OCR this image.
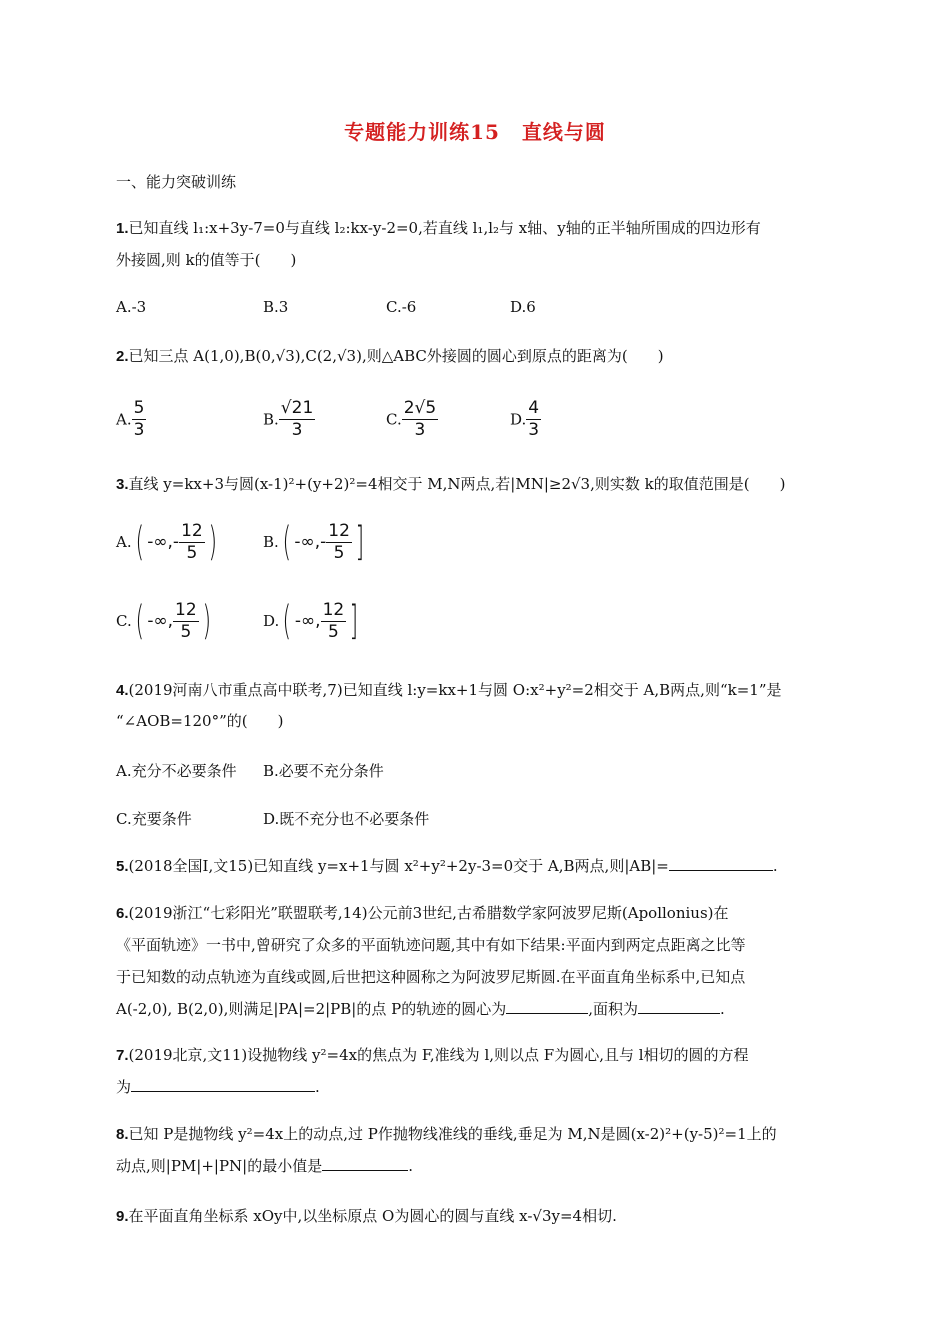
专题能力训练15 直线与圆
一、能力突破训练
1.已知直线 l₁:x+3y-7=0与直线 l₂:kx-y-2=0,若直线 l₁,l₂与 x轴、y轴的正半轴所围成的四边形有
外接圆,则 k的值等于(　　)
A.-3	B.3	C.-6	D.6
2.已知三点 A(1,0),B(0,√3),C(2,√3),则△ABC外接圆的圆心到原点的距离为(　　)
A. $\frac{5}{3}$	B. $\frac{√21}{3}$	C. $\frac{2√5}{3}$	D. $\frac{4}{3}$
3.直线 y=kx+3与圆(x-1)²+(y+2)²=4相交于 M,N两点,若|MN|≥2√3,则实数 k的取值范围是(　　)
A.( -∞,- $\frac{12}{5}$ )	B.( -∞,- $\frac{12}{5}$ ]
C.( -∞, $\frac{12}{5}$ )	D.( -∞, $\frac{12}{5}$ ]
4.(2019河南八市重点高中联考,7)已知直线 l:y=kx+1与圆 O:x²+y²=2相交于 A,B两点,则“k=1”是
“∠AOB=120°”的(　　)
A.充分不必要条件 B.必要不充分条件
C.充要条件	D.既不充分也不必要条件
5.(2018全国Ⅰ,文15)已知直线 y=x+1与圆 x²+y²+2y-3=0交于 A,B两点,则|AB|=	.
6.(2019浙江“七彩阳光”联盟联考,14)公元前3世纪,古希腊数学家阿波罗尼斯(Apollonius)在
《平面轨迹》一书中,曾研究了众多的平面轨迹问题,其中有如下结果:平面内到两定点距离之比等
于已知数的动点轨迹为直线或圆,后世把这种圆称之为阿波罗尼斯圆.在平面直角坐标系中,已知点
A(-2,0), B(2,0),则满足|PA|=2|PB|的点 P的轨迹的圆心为	,面积为	.
7.(2019北京,文11)设抛物线 y²=4x的焦点为 F,准线为 l,则以点 F为圆心,且与 l相切的圆的方程
为	.
8.已知 P是抛物线 y²=4x上的动点,过 P作抛物线准线的垂线,垂足为 M,N是圆(x-2)²+(y-5)²=1上的
动点,则|PM|+|PN|的最小值是	.
9.在平面直角坐标系 xOy中,以坐标原点 O为圆心的圆与直线 x-√3y=4相切.
